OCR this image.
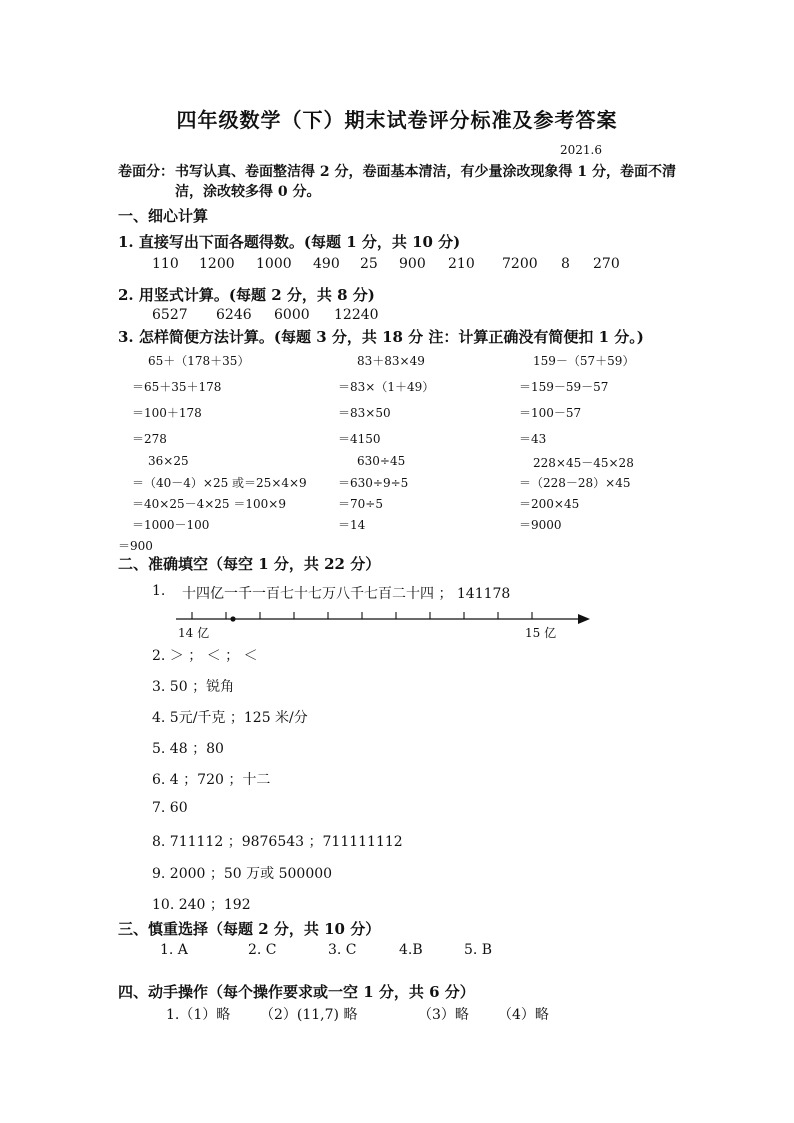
四年级数学（下）期末试卷评分标准及参考答案
2021.6
卷面分： 书写认真、卷面整洁得 2 分，卷面基本清洁，有少量涂改现象得 1 分，卷面不清
洁，涂改较多得 0 分。
一、细心计算
1. 直接写出下面各题得数。(每题 1 分，共 10 分)
110 1200 1000 490 25 900 210 7200 8 270
2. 用竖式计算。(每题 2 分，共 8 分)
6527 6246 6000 12240
3. 怎样简便方法计算。(每题 3 分，共 18 分 注：计算正确没有简便扣 1 分。)
65＋（178＋35）
＝65＋35＋178
＝100＋178
＝278
36×25
＝（40－4）×25 或＝25×4×9
＝40×25－4×25 ＝100×9
＝1000－100
＝900
83＋83×49
＝83×（1＋49）
＝83×50
＝4150
630÷45
＝630÷9÷5
＝70÷5
＝14
159－（57＋59）
＝159－59－57
＝100－57
＝43
228×45－45×28
＝（228－28）×45
＝200×45
＝9000
二、准确填空（每空 1 分，共 22 分）
1. 十四亿一千一百七十七万八千七百二十四 ； 141178
14 亿	15 亿
2. ＞ ； ＜ ； ＜
3. 50 ；锐角
4. 5元/千克 ；125 米/分
5. 48 ；80
6. 4 ；720 ；十二
7. 60
8. 711112 ；9876543 ；711111112
9. 2000 ；50 万或 500000
10. 240 ；192
三、慎重选择（每题 2 分，共 10 分）
1. A	2. C	3. C	4.B	5. B
四、动手操作（每个操作要求或一空 1 分，共 6 分）
1.（1）略 （2）(11,7) 略	（3）略 （4）略
